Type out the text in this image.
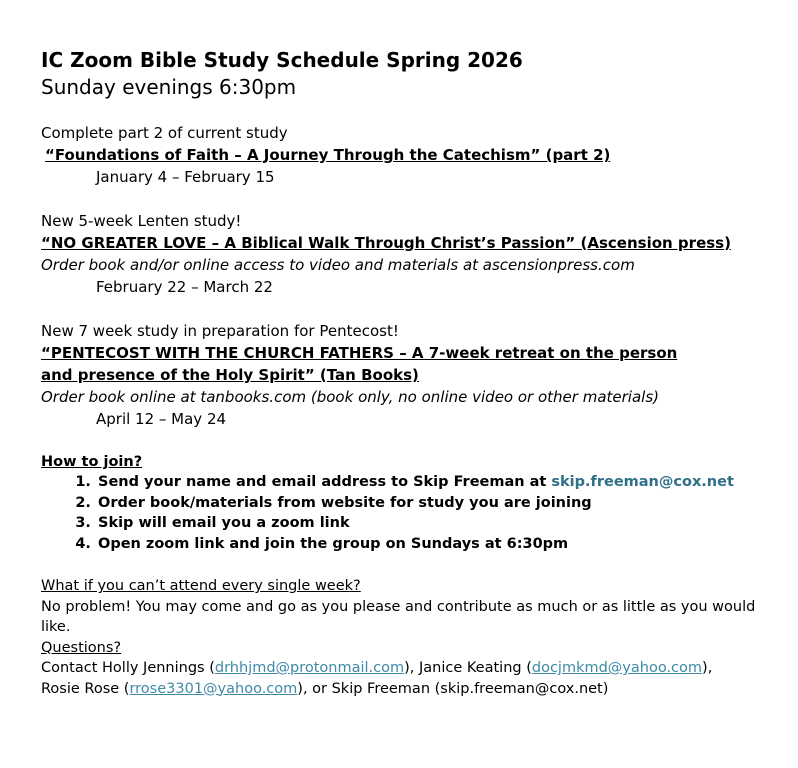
IC Zoom Bible Study Schedule Spring 2026

Sunday evenings 6:30pm

Complete part 2 of current study

“Foundations of Faith – A Journey Through the Catechism” (part 2)

January 4 – February 15

New 5-week Lenten study!

“NO GREATER LOVE – A Biblical Walk Through Christ’s Passion” (Ascension press)

Order book and/or online access to video and materials at ascensionpress.com

February 22 – March 22

New 7 week study in preparation for Pentecost!

“PENTECOST WITH THE CHURCH FATHERS – A 7-week retreat on the person and presence of the Holy Spirit” (Tan Books)

Order book online at tanbooks.com (book only, no online video or other materials)

April 12 – May 24

How to join?

1. Send your name and email address to Skip Freeman at skip.freeman@cox.net
2. Order book/materials from website for study you are joining
3. Skip will email you a zoom link
4. Open zoom link and join the group on Sundays at 6:30pm

What if you can’t attend every single week?

No problem! You may come and go as you please and contribute as much or as little as you would like.

Questions?

Contact Holly Jennings (drhhjmd@protonmail.com), Janice Keating (docjmkmd@yahoo.com),

Rosie Rose (rrose3301@yahoo.com), or Skip Freeman (skip.freeman@cox.net)
